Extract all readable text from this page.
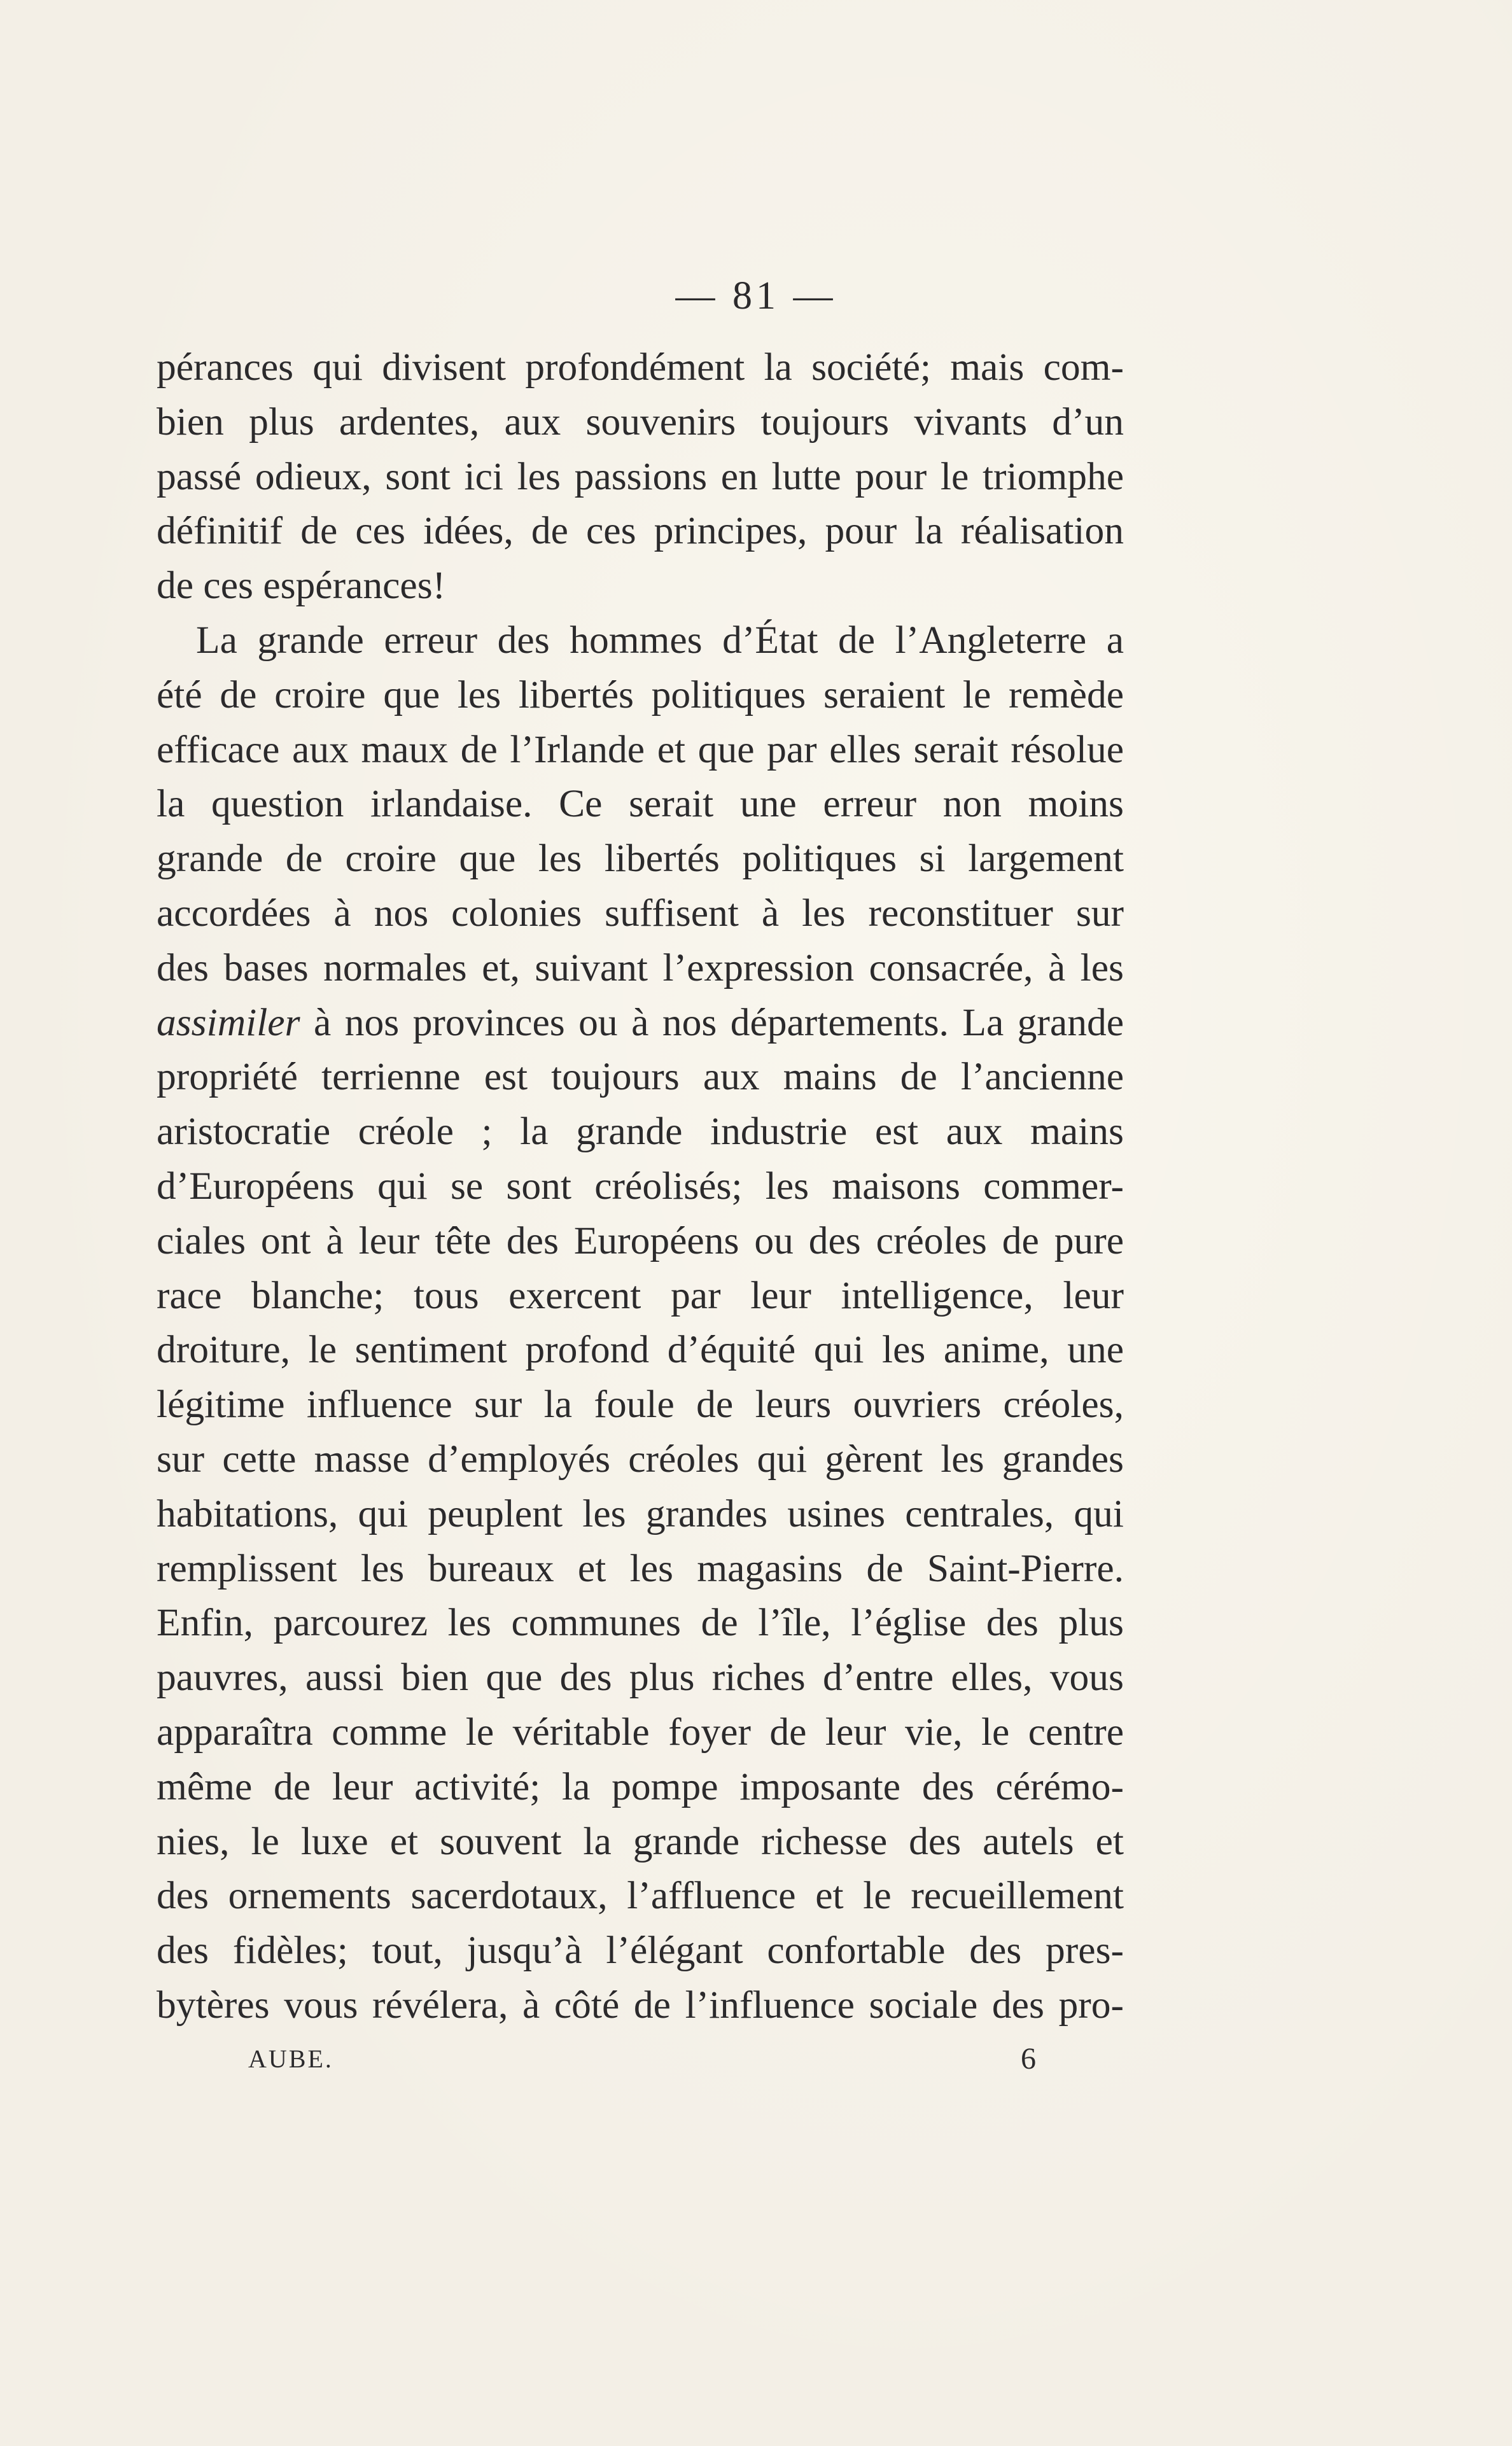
— 81 —
pérances qui divisent profondément la société; mais com-
bien plus ardentes, aux souvenirs toujours vivants d’un
passé odieux, sont ici les passions en lutte pour le triomphe
définitif de ces idées, de ces principes, pour la réalisation
de ces espérances!
La grande erreur des hommes d’État de l’Angleterre a
été de croire que les libertés politiques seraient le remède
efficace aux maux de l’Irlande et que par elles serait résolue
la question irlandaise. Ce serait une erreur non moins
grande de croire que les libertés politiques si largement
accordées à nos colonies suffisent à les reconstituer sur
des bases normales et, suivant l’expression consacrée, à les
assimiler à nos provinces ou à nos départements. La grande
propriété terrienne est toujours aux mains de l’ancienne
aristocratie créole ; la grande industrie est aux mains
d’Européens qui se sont créolisés; les maisons commer-
ciales ont à leur tête des Européens ou des créoles de pure
race blanche; tous exercent par leur intelligence, leur
droiture, le sentiment profond d’équité qui les anime, une
légitime influence sur la foule de leurs ouvriers créoles,
sur cette masse d’employés créoles qui gèrent les grandes
habitations, qui peuplent les grandes usines centrales, qui
remplissent les bureaux et les magasins de Saint-Pierre.
Enfin, parcourez les communes de l’île, l’église des plus
pauvres, aussi bien que des plus riches d’entre elles, vous
apparaîtra comme le véritable foyer de leur vie, le centre
même de leur activité; la pompe imposante des cérémo-
nies, le luxe et souvent la grande richesse des autels et
des ornements sacerdotaux, l’affluence et le recueillement
des fidèles; tout, jusqu’à l’élégant confortable des pres-
bytères vous révélera, à côté de l’influence sociale des pro-
AUBE.	6
